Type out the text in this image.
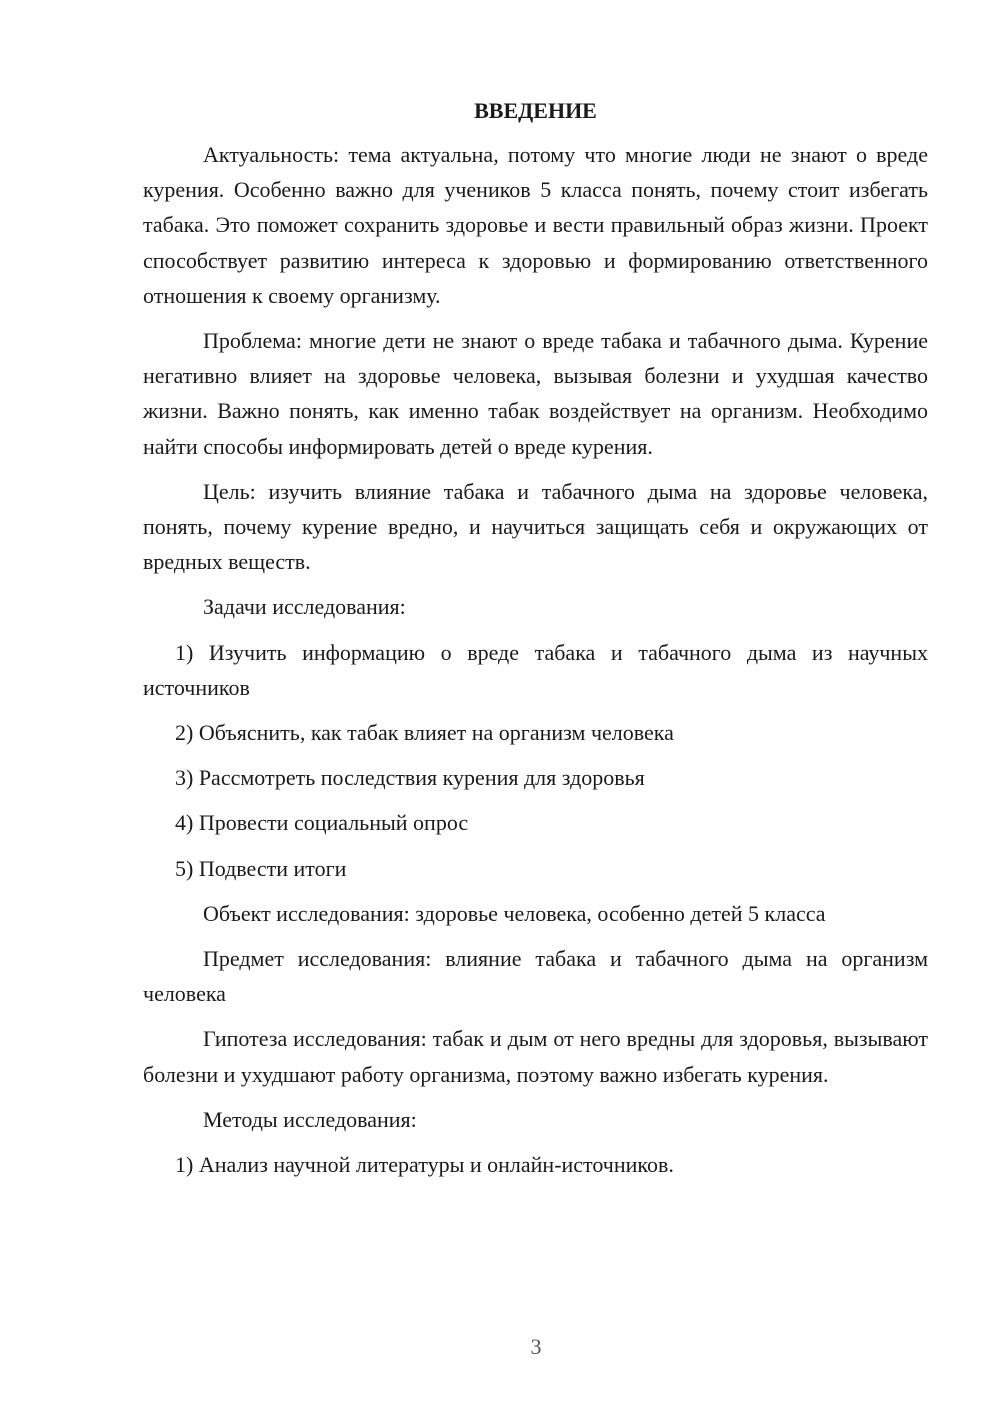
ВВЕДЕНИЕ

Актуальность: тема актуальна, потому что многие люди не знают о вреде курения. Особенно важно для учеников 5 класса понять, почему стоит избегать табака. Это поможет сохранить здоровье и вести правильный образ жизни. Проект способствует развитию интереса к здоровью и формированию ответственного отношения к своему организму.

Проблема: многие дети не знают о вреде табака и табачного дыма. Курение негативно влияет на здоровье человека, вызывая болезни и ухудшая качество жизни. Важно понять, как именно табак воздействует на организм. Необходимо найти способы информировать детей о вреде курения.

Цель: изучить влияние табака и табачного дыма на здоровье человека, понять, почему курение вредно, и научиться защищать себя и окружающих от вредных веществ.

Задачи исследования:

1) Изучить информацию о вреде табака и табачного дыма из научных источников

2) Объяснить, как табак влияет на организм человека

3) Рассмотреть последствия курения для здоровья

4) Провести социальный опрос

5) Подвести итоги

Объект исследования: здоровье человека, особенно детей 5 класса

Предмет исследования: влияние табака и табачного дыма на организм человека

Гипотеза исследования: табак и дым от него вредны для здоровья, вызывают болезни и ухудшают работу организма, поэтому важно избегать курения.

Методы исследования:

1) Анализ научной литературы и онлайн-источников.

3
